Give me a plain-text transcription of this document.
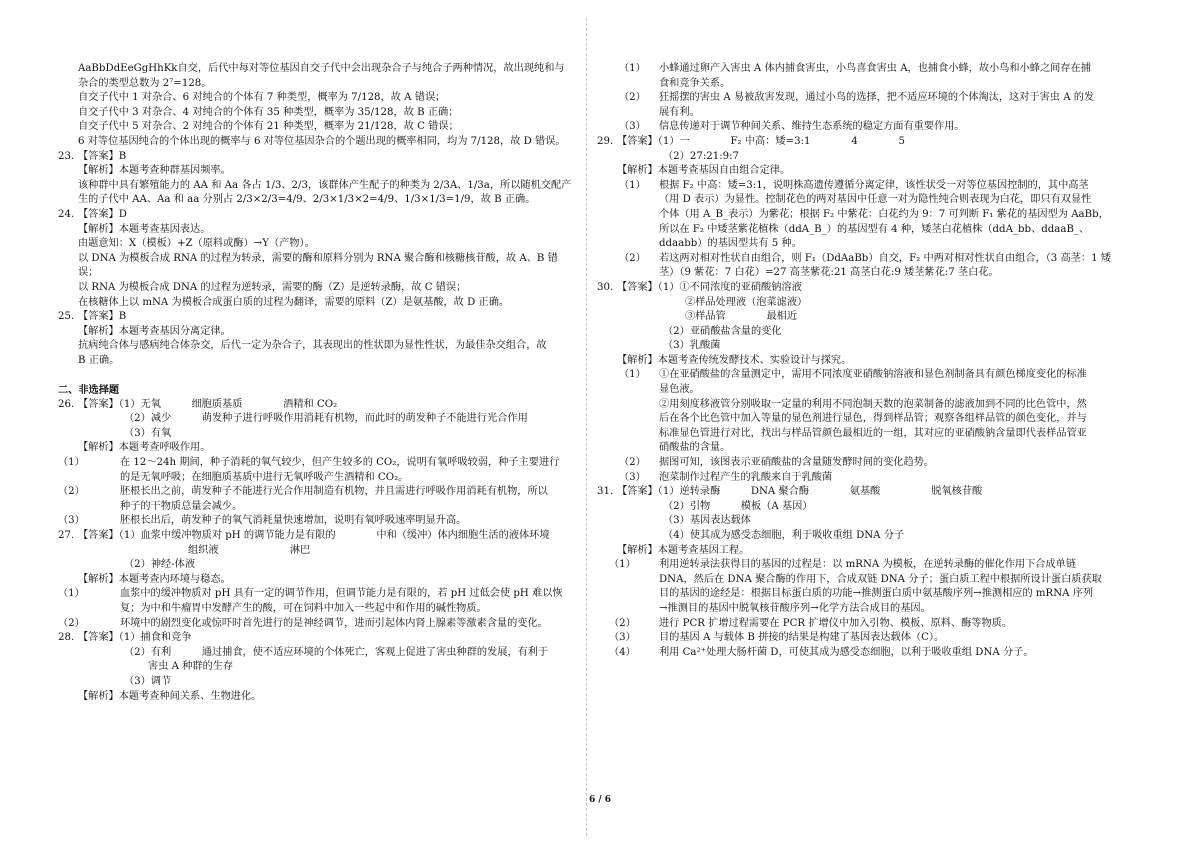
AaBbDdEeGgHhKk自交，后代中每对等位基因自交子代中会出现杂合子与纯合子两种情况，故出现纯和与
杂合的类型总数为 2⁷=128。
自交子代中 1 对杂合、6 对纯合的个体有 7 种类型，概率为 7/128，故 A 错误；
自交子代中 3 对杂合、4 对纯合的个体有 35 种类型，概率为 35/128，故 B 正确；
自交子代中 5 对杂合、2 对纯合的个体有 21 种类型，概率为 21/128，故 C 错误；
6 对等位基因纯合的个体出现的概率与 6 对等位基因杂合的个题出现的概率相同，均为 7/128，故 D 错误。
23. 【答案】B
【解析】本题考查种群基因频率。
该种群中具有繁殖能力的 AA 和 Aa 各占 1/3、2/3，该群体产生配子的种类为 2/3A、1/3a，所以随机交配产
生的子代中 AA、Aa 和 aa 分别占 2/3×2/3=4/9、2/3×1/3×2=4/9、1/3×1/3=1/9，故 B 正确。
24. 【答案】D
【解析】本题考查基因表达。
由题意知：X（模板）+Z（原料或酶）→Y（产物）。
以 DNA 为模板合成 RNA 的过程为转录，需要的酶和原料分别为 RNA 聚合酶和核糖核苷酸，故 A、B 错
误；
以 RNA 为模板合成 DNA 的过程为逆转录，需要的酶（Z）是逆转录酶，故 C 错误；
在核糖体上以 mNA 为模板合成蛋白质的过程为翻译，需要的原料（Z）是氨基酸，故 D 正确。
25. 【答案】B
【解析】本题考查基因分离定律。
抗病纯合体与感病纯合体杂交，后代一定为杂合子，其表现出的性状即为显性性状，为最佳杂交组合，故
B 正确。
二、非选择题
26. 【答案】（1）无氧　　　细胞质基质　　　　酒精和 CO₂
（2）减少　　　萌发种子进行呼吸作用消耗有机物，而此时的萌发种子不能进行光合作用
（3）有氧
【解析】本题考查呼吸作用。
（1）	在 12～24h 期间，种子消耗的氧气较少，但产生较多的 CO₂，说明有氧呼吸较弱，种子主要进行
的是无氧呼吸；在细胞质基质中进行无氧呼吸产生酒精和 CO₂。
（2）	胚根长出之前，萌发种子不能进行光合作用制造有机物，并且需进行呼吸作用消耗有机物，所以
种子的干物质总量会减少。
（3）	胚根长出后，萌发种子的氧气消耗量快速增加，说明有氧呼吸速率明显升高。
27. 【答案】（1）血浆中缓冲物质对 pH 的调节能力是有限的　　　　中和（缓冲）体内细胞生活的液体环境
组织液　　　　　　　淋巴
（2）神经-体液
【解析】本题考查内环境与稳态。
（1）	血浆中的缓冲物质对 pH 具有一定的调节作用，但调节能力是有限的，若 pH 过低会使 pH 难以恢
复；为中和牛瘤胃中发酵产生的酸，可在饲料中加入一些起中和作用的碱性物质。
（2）	环境中的剧烈变化或惊吓时首先进行的是神经调节，进而引起体内肾上腺素等激素含量的变化。
28. 【答案】（1）捕食和竞争
（2）有利　　　通过捕食，使不适应环境的个体死亡，客观上促进了害虫种群的发展，有利于
害虫 A 种群的生存
（3）调节
【解析】本题考查种间关系、生物进化。
（1） 小蜂通过卵产入害虫 A 体内捕食害虫，小鸟喜食害虫 A，也捕食小蜂，故小鸟和小蜂之间存在捕
食和竞争关系。
（2） 狂摇摆的害虫 A 易被敌害发现，通过小鸟的选择，把不适应环境的个体淘汰，这对于害虫 A 的发
展有利。
（3） 信息传递对于调节种间关系、维持生态系统的稳定方面有重要作用。
29. 【答案】（1）一　　　　F₂ 中高：矮=3:1　　　　4　　　　5
（2）27:21:9:7
【解析】本题考查基因自由组合定律。
（1） 根据 F₂ 中高：矮=3:1，说明株高遗传遵循分离定律，该性状受一对等位基因控制的，其中高茎
（用 D 表示）为显性。控制花色的两对基因中任意一对为隐性纯合则表现为白花，即只有双显性
个体（用 A_B_表示）为紫花；根据 F₂ 中紫花：白花约为 9：7 可判断 F₁ 紫花的基因型为 AaBb，
所以在 F₂ 中矮茎紫花植株（ddA_B_）的基因型有 4 种，矮茎白花植株（ddA_bb、ddaaB_、
ddaabb）的基因型共有 5 种。
（2） 若这两对相对性状自由组合，则 F₁（DdAaBb）自交，F₂ 中两对相对性状自由组合，（3 高茎：1 矮
茎）（9 紫花：7 白花）=27 高茎紫花:21 高茎白花:9 矮茎紫花:7 茎白花。
30. 【答案】（1）①不同浓度的亚硝酸钠溶液
②样品处理液（泡菜滤液）
③样品管　　　　最相近
（2）亚硝酸盐含量的变化
（3）乳酸菌
【解析】本题考查传统发酵技术、实验设计与探究。
（1） ①在亚硝酸盐的含量测定中，需用不同浓度亚硝酸钠溶液和显色剂制备具有颜色梯度变化的标准
显色液。
②用刻度移液管分别吸取一定量的利用不同泡制天数的泡菜制备的滤液加到不同的比色管中，然
后在各个比色管中加入等量的显色剂进行显色，得到样品管；观察各组样品管的颜色变化，并与
标准显色管进行对比，找出与样品管颜色最相近的一组，其对应的亚硝酸钠含量即代表样品管亚
硝酸盐的含量。
（2） 据图可知，该图表示亚硝酸盐的含量随发酵时间的变化趋势。
（3） 泡菜制作过程产生的乳酸来自于乳酸菌
31. 【答案】（1）逆转录酶　　　DNA 聚合酶　　　　氨基酸　　　　　脱氧核苷酸
（2）引物　　　模板（A 基因）
（3）基因表达载体
（4）使其成为感受态细胞，利于吸收重组 DNA 分子
【解析】本题考查基因工程。
（1） 利用逆转录法获得目的基因的过程是：以 mRNA 为模板，在逆转录酶的催化作用下合成单链
DNA，然后在 DNA 聚合酶的作用下，合成双链 DNA 分子；蛋白质工程中根据所设计蛋白质获取
目的基因的途经是：根据目标蛋白质的功能→推测蛋白质中氨基酸序列→推测相应的 mRNA 序列
→推测目的基因中脱氧核苷酸序列→化学方法合成目的基因。
（2） 进行 PCR 扩增过程需要在 PCR 扩增仪中加入引物、模板、原料、酶等物质。
（3） 目的基因 A 与载体 B 拼接的结果是构建了基因表达载体（C）。
（4） 利用 Ca²⁺处理大肠杆菌 D，可使其成为感受态细胞，以利于吸收重组 DNA 分子。
6 / 6
